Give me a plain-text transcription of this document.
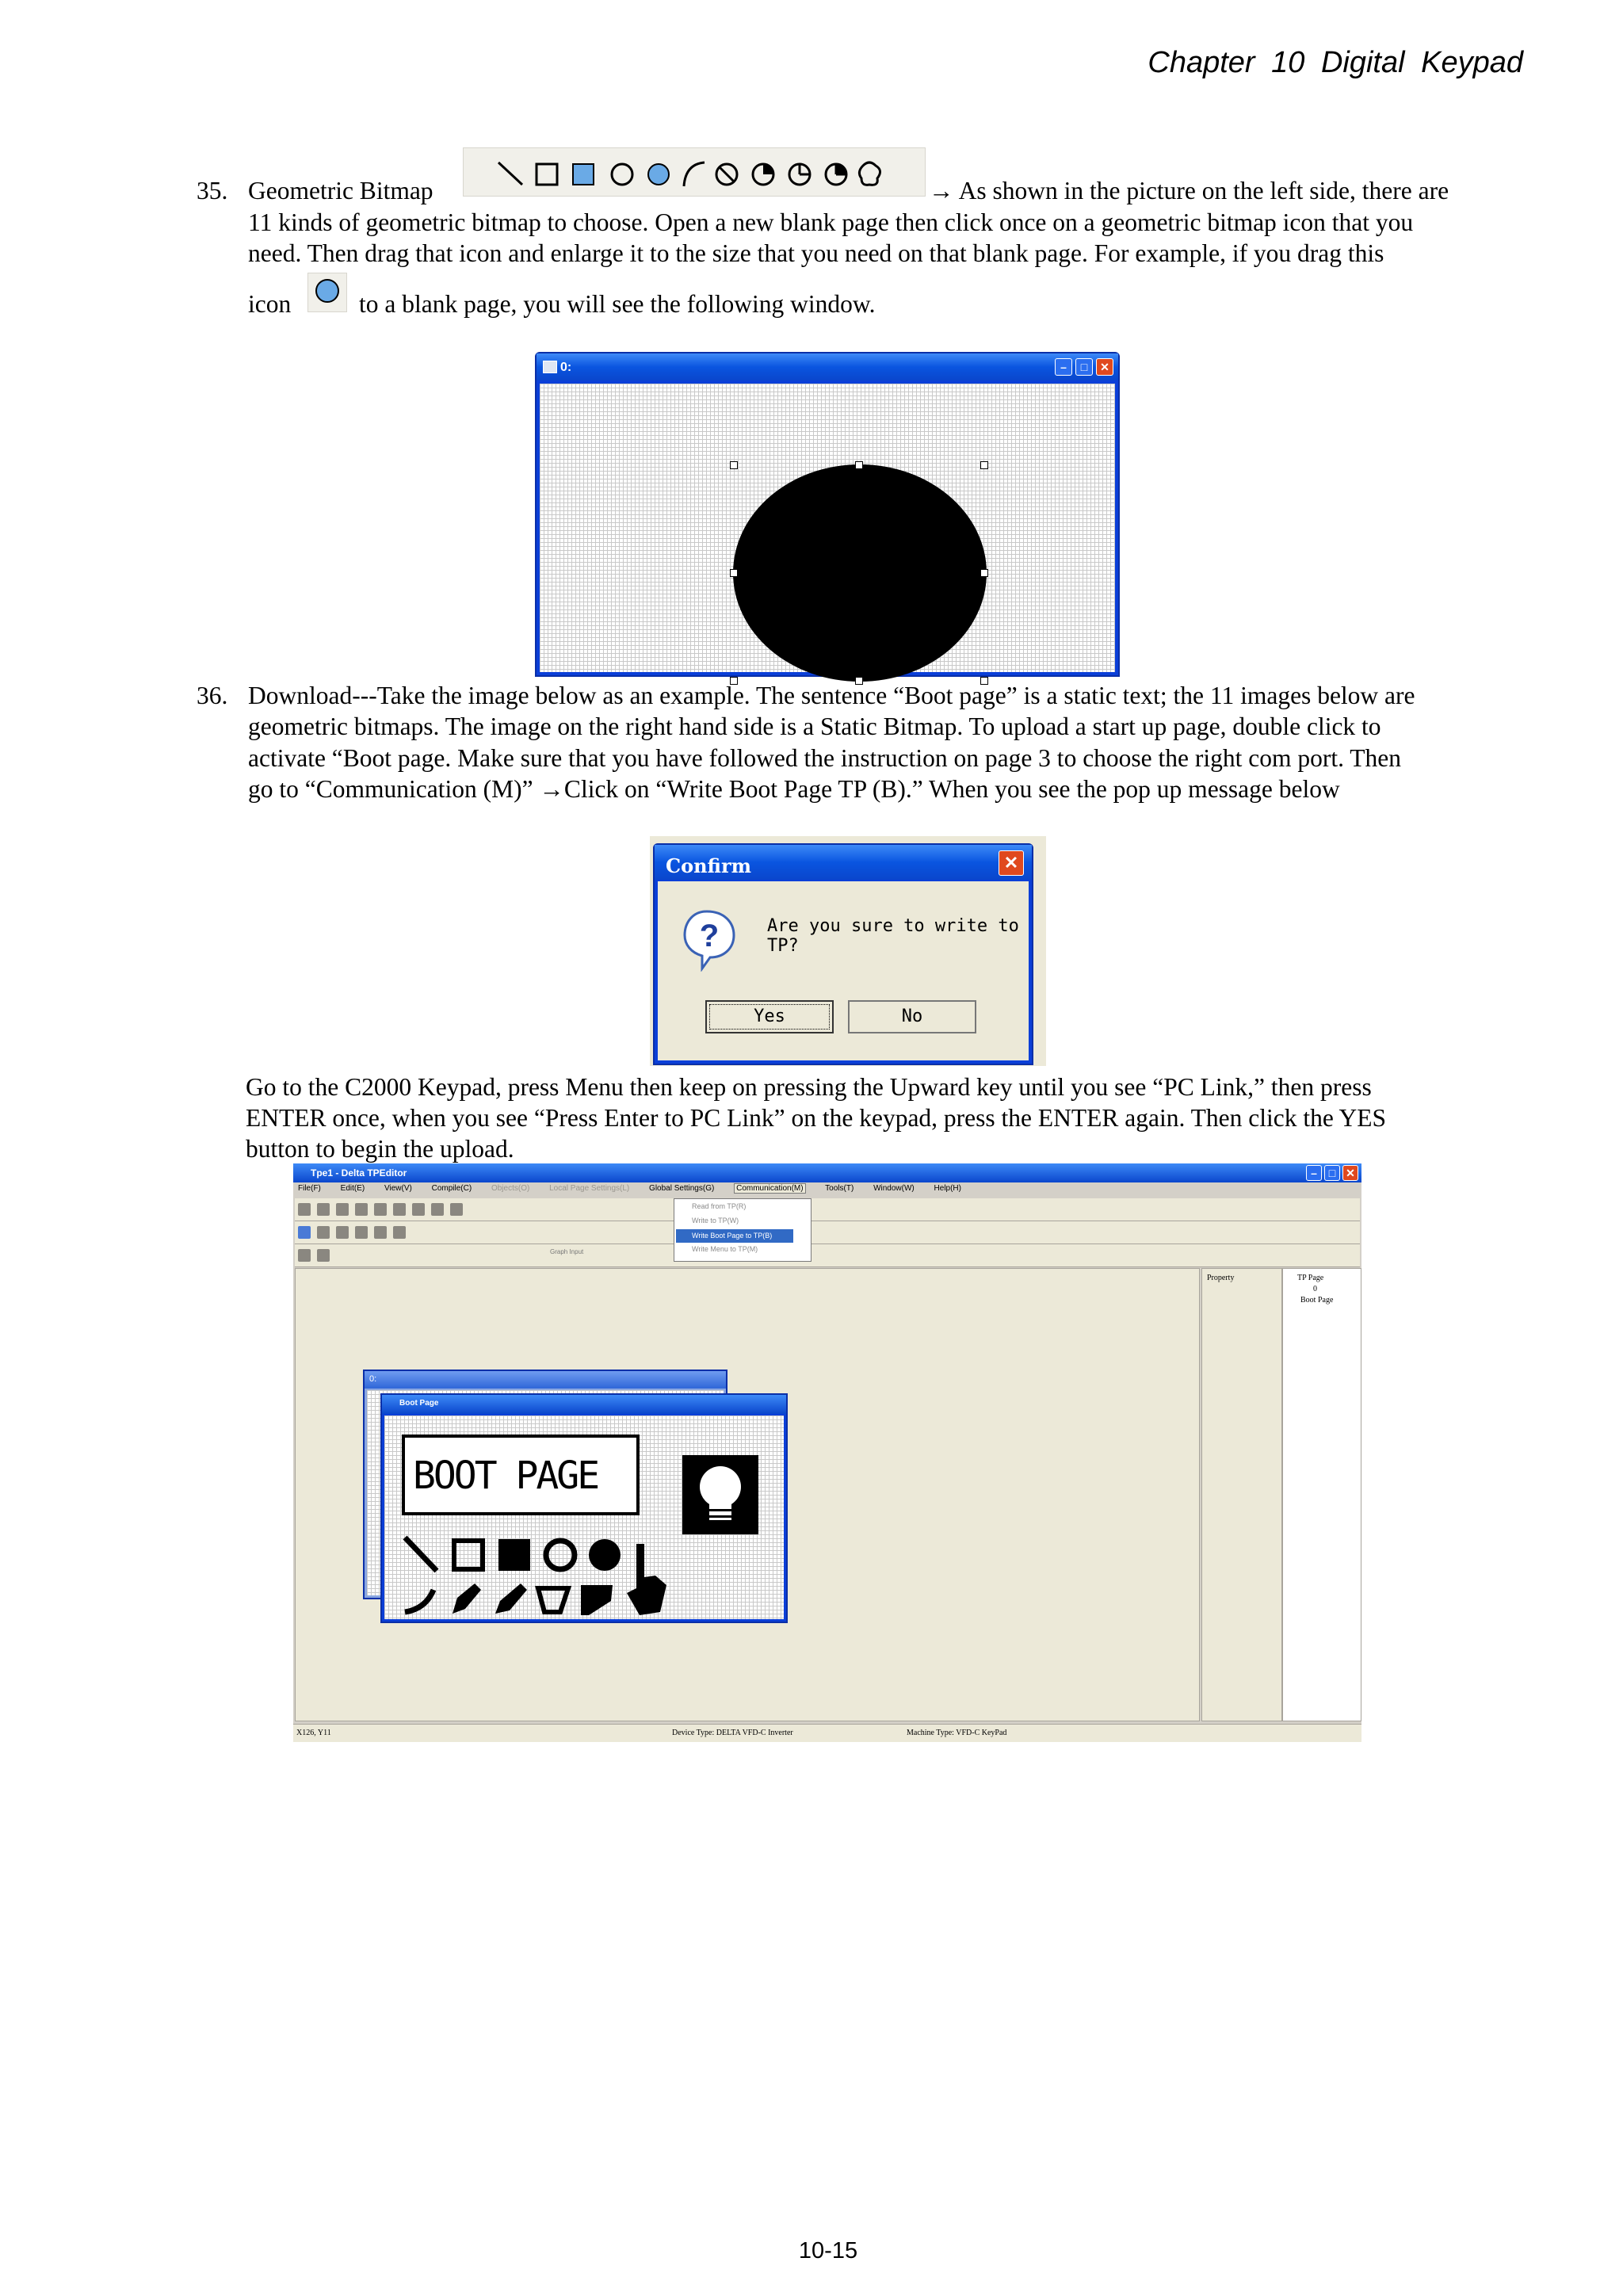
Chapter 10 Digital Keypad
35. Geometric Bitmap	→ As shown in the picture on the left side, there are
11 kinds of geometric bitmap to choose. Open a new blank page then click once on a geometric bitmap icon that you
need. Then drag that icon and enlarge it to the size that you need on that blank page. For example, if you drag this
icon	to a blank page, you will see the following window.
0:	–	□	✕
36. Download---Take the image below as an example. The sentence “Boot page” is a static text; the 11 images below are
geometric bitmaps. The image on the right hand side is a Static Bitmap. To upload a start up page, double click to
activate “Boot page. Make sure that you have followed the instruction on page 3 to choose the right com port. Then
go to “Communication (M)” →Click on “Write Boot Page TP (B).” When you see the pop up message below
Confirm	✕
?	Are you sure to write to TP?
Yes	No
Go to the C2000 Keypad, press Menu then keep on pressing the Upward key until you see “PC Link,” then press
ENTER once, when you see “Press Enter to PC Link” on the keypad, press the ENTER again. Then click the YES
button to begin the upload.
Tpe1 - Delta TPEditor	–	□ ✕
File(F) Edit(E) View(V) Compile(C) Objects(O) Local Page Settings(L) Global Settings(G)	Communication(M)	Tools(T) Window(W) Help(H)
Graph Input
Read from TP(R)
Write to TP(W)
Write Boot Page to TP(B)
Write Menu to TP(M)
Property	TP Page
0
Boot Page
0:
Boot Page
BOOT PAGE
X126, Y11	Device Type: DELTA VFD-C Inverter	Machine Type: VFD-C KeyPad
10-15
